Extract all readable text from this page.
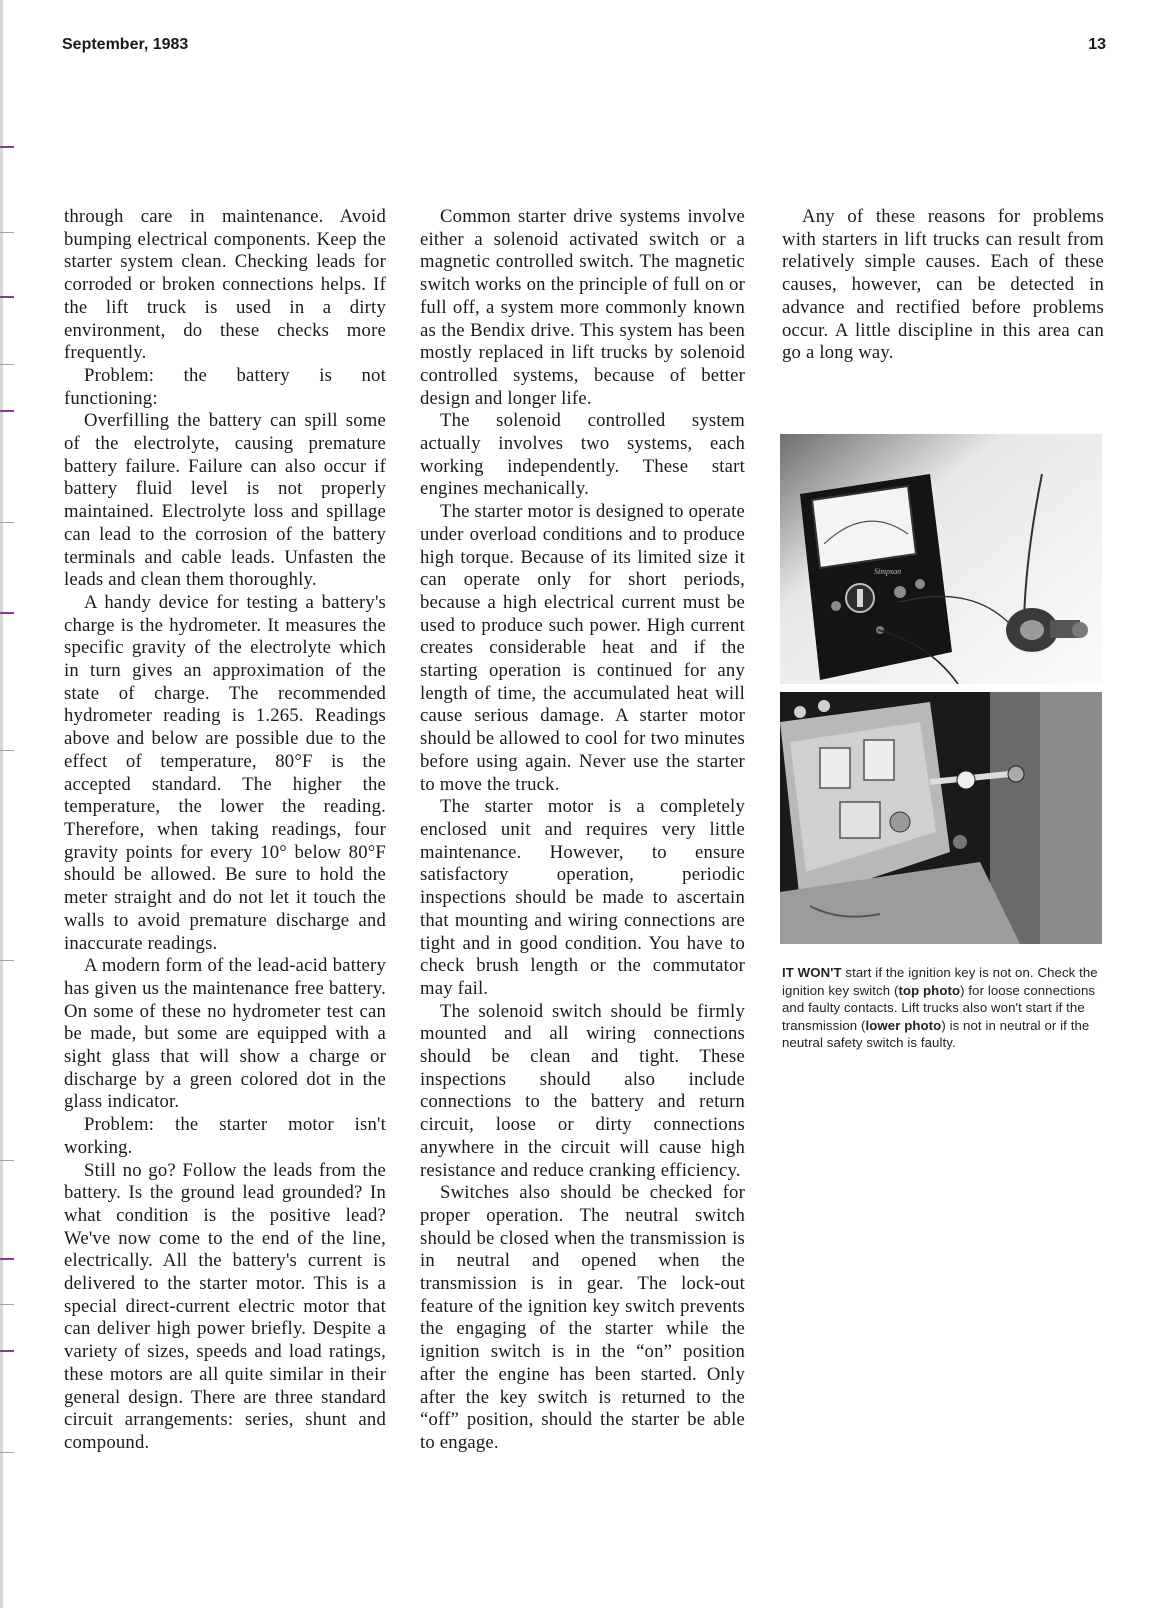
September, 1983	13

through care in maintenance. Avoid bumping electrical components. Keep the starter system clean. Checking leads for corroded or broken connections helps. If the lift truck is used in a dirty environment, do these checks more frequently.

Problem: the battery is not functioning:

Overfilling the battery can spill some of the electrolyte, causing premature battery failure. Failure can also occur if battery fluid level is not properly maintained. Electrolyte loss and spillage can lead to the corrosion of the battery terminals and cable leads. Unfasten the leads and clean them thoroughly.

A handy device for testing a battery's charge is the hydrometer. It measures the specific gravity of the electrolyte which in turn gives an approximation of the state of charge. The recommended hydrometer reading is 1.265. Readings above and below are possible due to the effect of temperature, 80°F is the accepted standard. The higher the temperature, the lower the reading. Therefore, when taking readings, four gravity points for every 10° below 80°F should be allowed. Be sure to hold the meter straight and do not let it touch the walls to avoid premature discharge and inaccurate readings.

A modern form of the lead-acid battery has given us the maintenance free battery. On some of these no hydrometer test can be made, but some are equipped with a sight glass that will show a charge or discharge by a green colored dot in the glass indicator.

Problem: the starter motor isn't working.

Still no go? Follow the leads from the battery. Is the ground lead grounded? In what condition is the positive lead? We've now come to the end of the line, electrically. All the battery's current is delivered to the starter motor. This is a special direct-current electric motor that can deliver high power briefly. Despite a variety of sizes, speeds and load ratings, these motors are all quite similar in their general design. There are three standard circuit arrangements: series, shunt and compound.

Common starter drive systems involve either a solenoid activated switch or a magnetic controlled switch. The magnetic switch works on the principle of full on or full off, a system more commonly known as the Bendix drive. This system has been mostly replaced in lift trucks by solenoid controlled systems, because of better design and longer life.

The solenoid controlled system actually involves two systems, each working independently. These start engines mechanically.

The starter motor is designed to operate under overload conditions and to produce high torque. Because of its limited size it can operate only for short periods, because a high electrical current must be used to produce such power. High current creates considerable heat and if the starting operation is continued for any length of time, the accumulated heat will cause serious damage. A starter motor should be allowed to cool for two minutes before using again. Never use the starter to move the truck.

The starter motor is a completely enclosed unit and requires very little maintenance. However, to ensure satisfactory operation, periodic inspections should be made to ascertain that mounting and wiring connections are tight and in good condition. You have to check brush length or the commutator may fail.

The solenoid switch should be firmly mounted and all wiring connections should be clean and tight. These inspections should also include connections to the battery and return circuit, loose or dirty connections anywhere in the circuit will cause high resistance and reduce cranking efficiency.

Switches also should be checked for proper operation. The neutral switch should be closed when the transmission is in neutral and opened when the transmission is in gear. The lock-out feature of the ignition key switch prevents the engaging of the starter while the ignition switch is in the “on” position after the engine has been started. Only after the key switch is returned to the “off” position, should the starter be able to engage.

Any of these reasons for problems with starters in lift trucks can result from relatively simple causes. Each of these causes, however, can be detected in advance and rectified before problems occur. A little discipline in this area can go a long way.

Simpson
IT WON'T start if the ignition key is not on. Check the ignition key switch (top photo) for loose connections and faulty contacts. Lift trucks also won't start if the transmission (lower photo) is not in neutral or if the neutral safety switch is faulty.
